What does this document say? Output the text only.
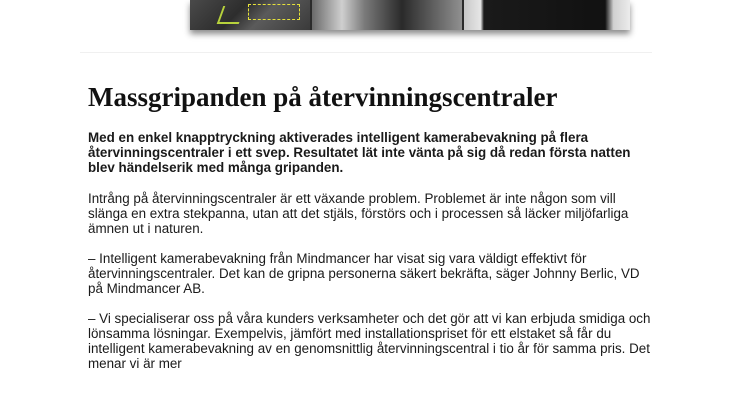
Massgripanden på återvinningscentraler

Med en enkel knapptryckning aktiverades intelligent kamerabevakning på flera återvinningscentraler i ett svep. Resultatet lät inte vänta på sig då redan första natten blev händelserik med många gripanden.

Intrång på återvinningscentraler är ett växande problem. Problemet är inte någon som vill slänga en extra stekpanna, utan att det stjäls, förstörs och i processen så läcker miljöfarliga ämnen ut i naturen.

– Intelligent kamerabevakning från Mindmancer har visat sig vara väldigt effektivt för återvinningscentraler. Det kan de gripna personerna säkert bekräfta, säger Johnny Berlic, VD på Mindmancer AB.

– Vi specialiserar oss på våra kunders verksamheter och det gör att vi kan erbjuda smidiga och lönsamma lösningar. Exempelvis, jämfört med installationspriset för ett elstaket så får du intelligent kamerabevakning av en genomsnittlig återvinningscentral i tio år för samma pris. Det menar vi är mer
